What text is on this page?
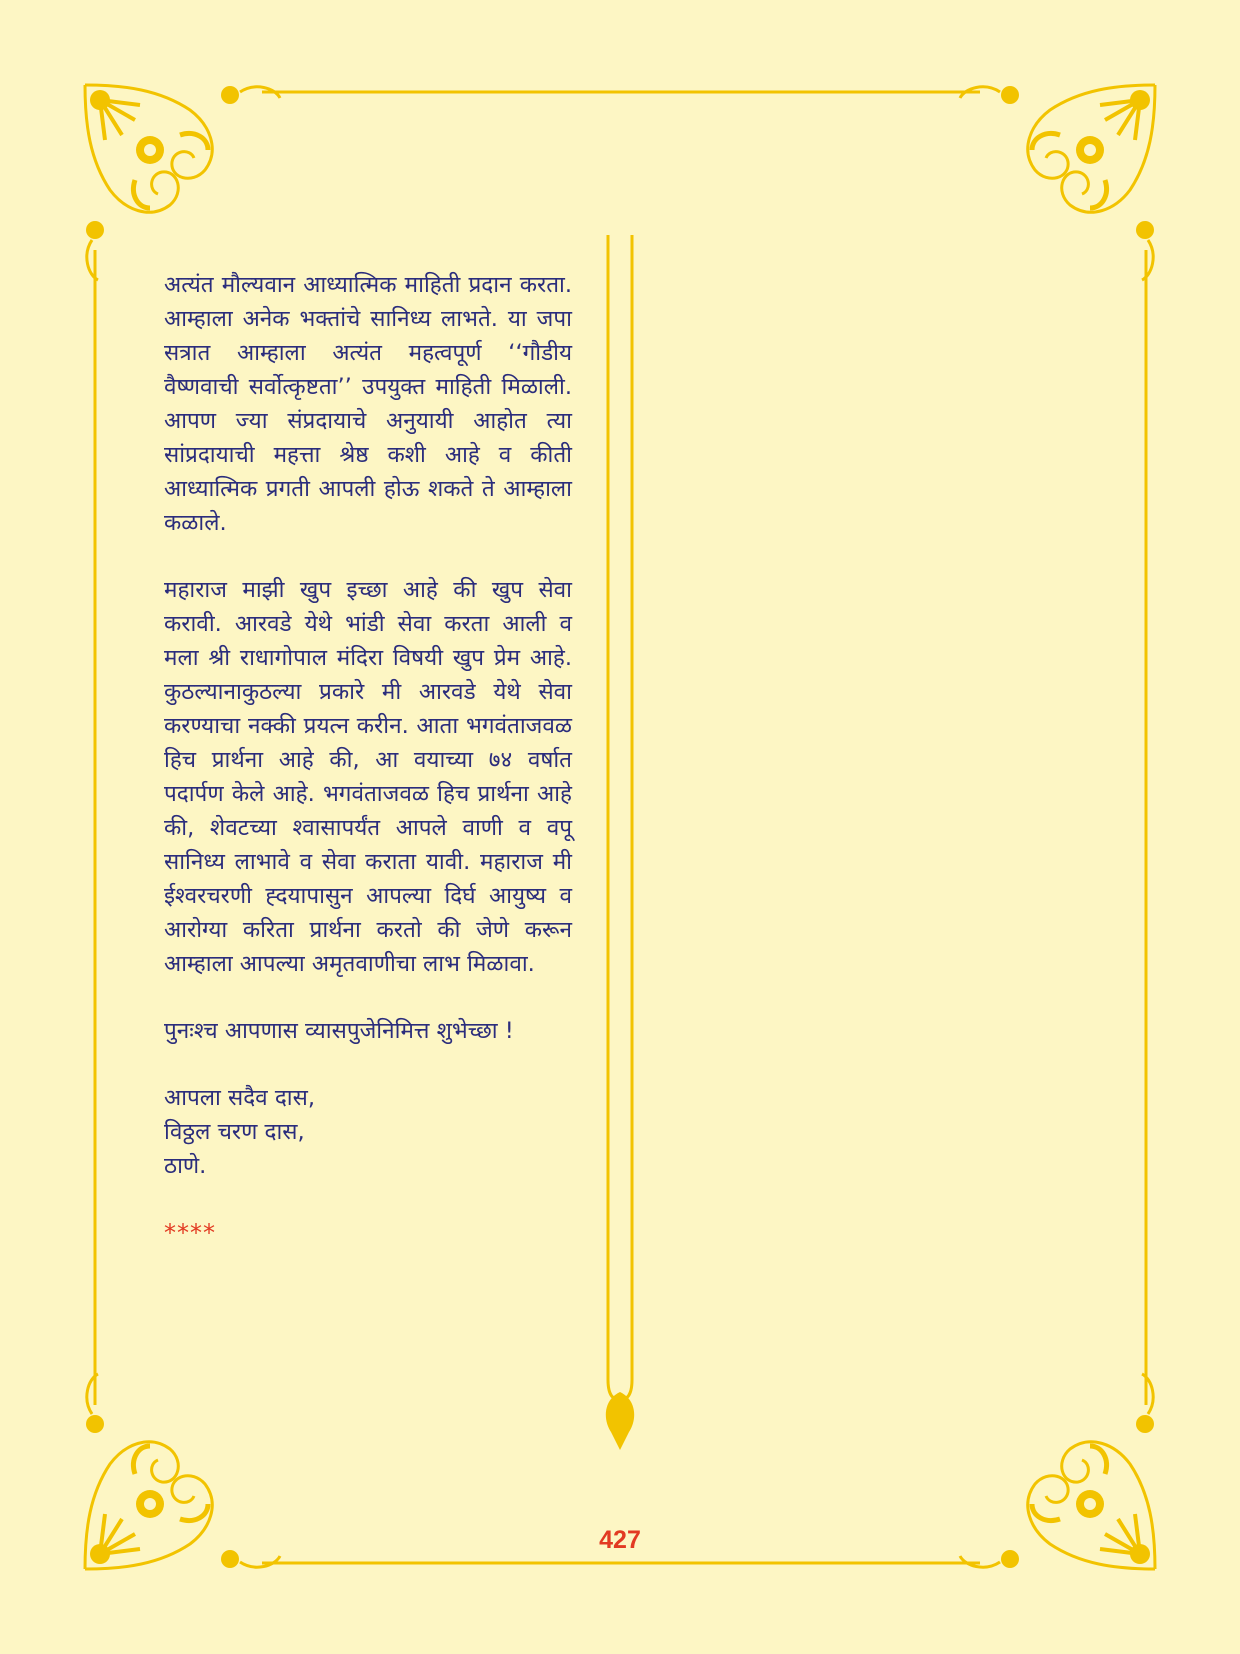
अत्यंत मौल्यवान आध्यात्मिक माहिती प्रदान करता. आम्हाला अनेक भक्तांचे सानिध्य लाभते. या जपा सत्रात आम्हाला अत्यंत महत्वपूर्ण ‘‘गौडीय वैष्णवाची सर्वोत्कृष्टता’’ उपयुक्त माहिती मिळाली. आपण ज्या संप्रदायाचे अनुयायी आहोत त्या सांप्रदायाची महत्ता श्रेष्ठ कशी आहे व कीती आध्यात्मिक प्रगती आपली होऊ शकते ते आम्हाला कळाले.

महाराज माझी खुप इच्छा आहे की खुप सेवा करावी. आरवडे येथे भांडी सेवा करता आली व मला श्री राधागोपाल मंदिरा विषयी खुप प्रेम आहे. कुठल्यानाकुठल्या प्रकारे मी आरवडे येथे सेवा करण्याचा नक्की प्रयत्न करीन. आता भगवंताजवळ हिच प्रार्थना आहे की, आ वयाच्या ७४ वर्षात पदार्पण केले आहे. भगवंताजवळ हिच प्रार्थना आहे की, शेवटच्या श्वासापर्यंत आपले वाणी व वपू सानिध्य लाभावे व सेवा कराता यावी. महाराज मी ईश्वरचरणी ह्दयापासुन आपल्या दिर्घ आयुष्य व आरोग्या करिता प्रार्थना करतो की जेणे करून आम्हाला आपल्या अमृतवाणीचा लाभ मिळावा.

पुनःश्च आपणास व्यासपुजेनिमित्त शुभेच्छा !

आपला सदैव दास,
विठ्ठल चरण दास,
ठाणे.
****
427
